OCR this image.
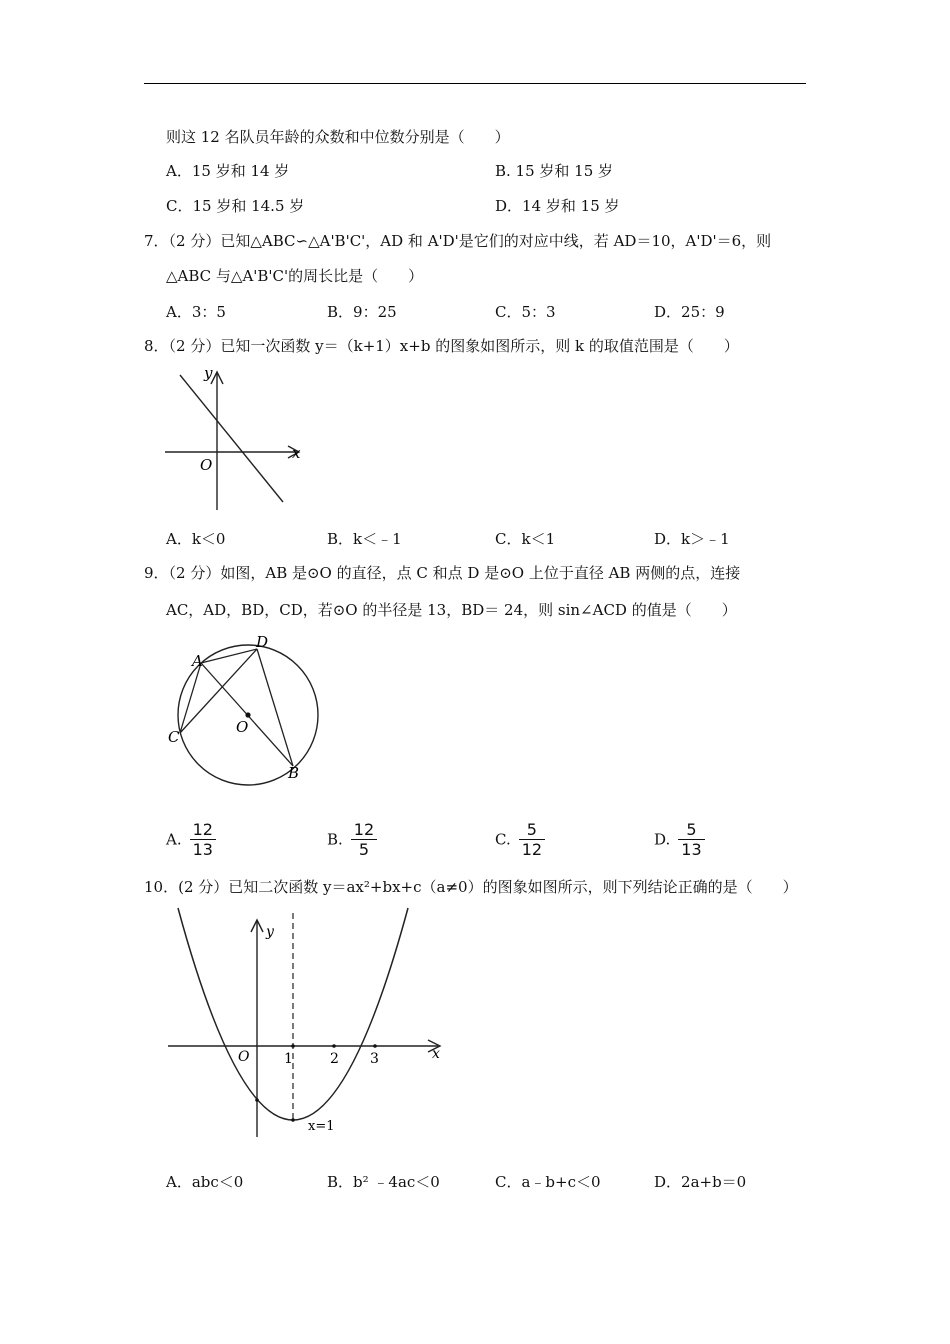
则这 12 名队员年龄的众数和中位数分别是（　　）
A．15 岁和 14 岁	B. 15 岁和 15 岁
C．15 岁和 14.5 岁	D．14 岁和 15 岁
7．（2 分）已知△ABC∽△A'B'C'，AD 和 A'D'是它们的对应中线，若 AD＝10，A'D'＝6，则
△ABC 与△A'B'C'的周长比是（　　）
A．3：5	B．9：25	C．5：3	D．25：9
8．（2 分）已知一次函数 y＝（k+1）x+b 的图象如图所示，则 k 的取值范围是（　　）
y
x
O
A．k＜0	B．k＜﹣1	C．k＜1	D．k＞﹣1
9．（2 分）如图，AB 是⊙O 的直径，点 C 和点 D 是⊙O 上位于直径 AB 两侧的点，连接
AC，AD，BD，CD，若⊙O 的半径是 13，BD＝ 24，则 sin∠ACD 的值是（　　）
A
D
C
B
O
A. $\frac{12}{13}$	B. $\frac{12}{5}$	C. $\frac{5}{12}$	D. $\frac{5}{13}$
10．(2 分）已知二次函数 y＝ax²+bx+c（a≠0）的图象如图所示，则下列结论正确的是（　　）
y
x
O 1	2 3
x=1
A．abc＜0	B．b² ﹣4ac＜0	C．a﹣b+c＜0	D．2a+b＝0
